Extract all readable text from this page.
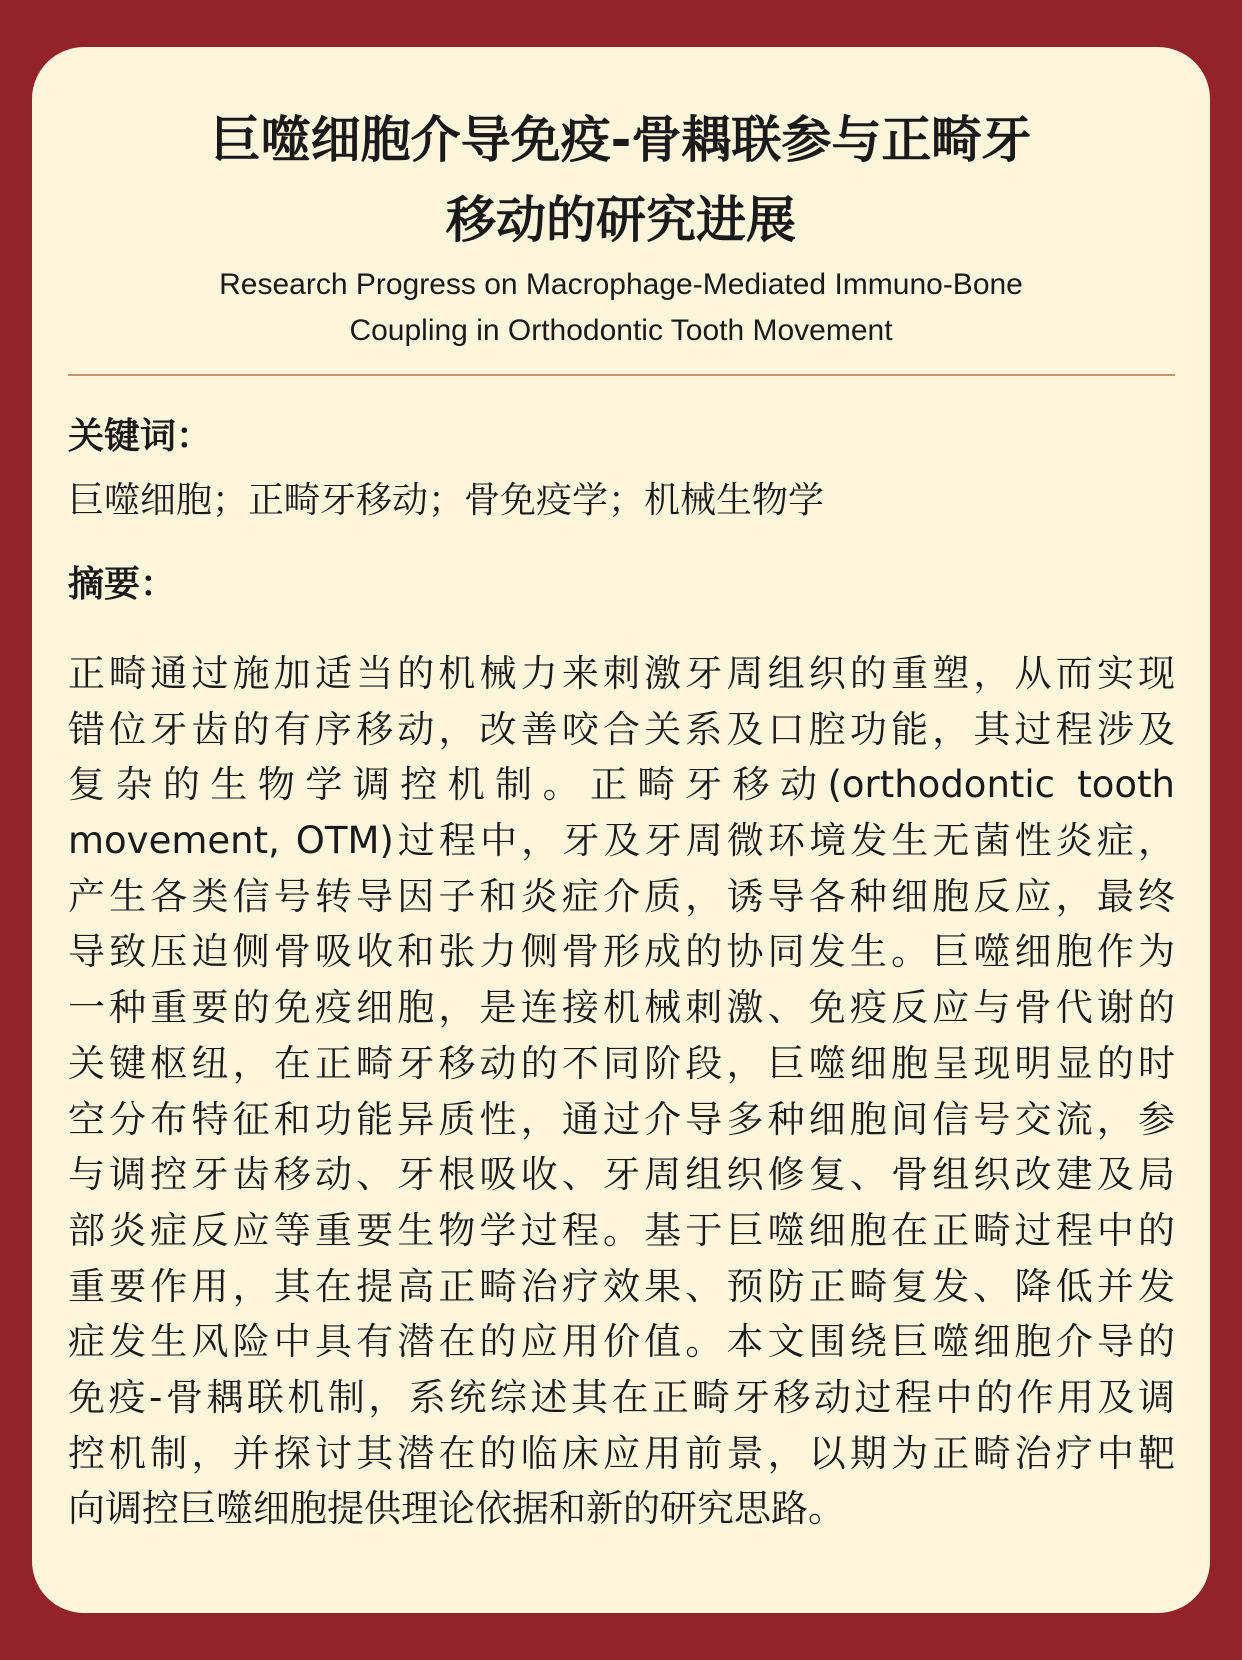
巨噬细胞介导免疫-骨耦联参与正畸牙
移动的研究进展
Research Progress on Macrophage-Mediated Immuno-Bone
Coupling in Orthodontic Tooth Movement
关键词：
巨噬细胞；正畸牙移动；骨免疫学；机械生物学
摘要：
正畸通过施加适当的机械力来刺激牙周组织的重塑，从而实现
错位牙齿的有序移动，改善咬合关系及口腔功能，其过程涉及
复杂的生物学调控机制。正畸牙移动(orthodontic tooth
movement, OTM)过程中，牙及牙周微环境发生无菌性炎症，
产生各类信号转导因子和炎症介质，诱导各种细胞反应，最终
导致压迫侧骨吸收和张力侧骨形成的协同发生。巨噬细胞作为
一种重要的免疫细胞，是连接机械刺激、免疫反应与骨代谢的
关键枢纽，在正畸牙移动的不同阶段，巨噬细胞呈现明显的时
空分布特征和功能异质性，通过介导多种细胞间信号交流，参
与调控牙齿移动、牙根吸收、牙周组织修复、骨组织改建及局
部炎症反应等重要生物学过程。基于巨噬细胞在正畸过程中的
重要作用，其在提高正畸治疗效果、预防正畸复发、降低并发
症发生风险中具有潜在的应用价值。本文围绕巨噬细胞介导的
免疫-骨耦联机制，系统综述其在正畸牙移动过程中的作用及调
控机制，并探讨其潜在的临床应用前景，以期为正畸治疗中靶
向调控巨噬细胞提供理论依据和新的研究思路。
